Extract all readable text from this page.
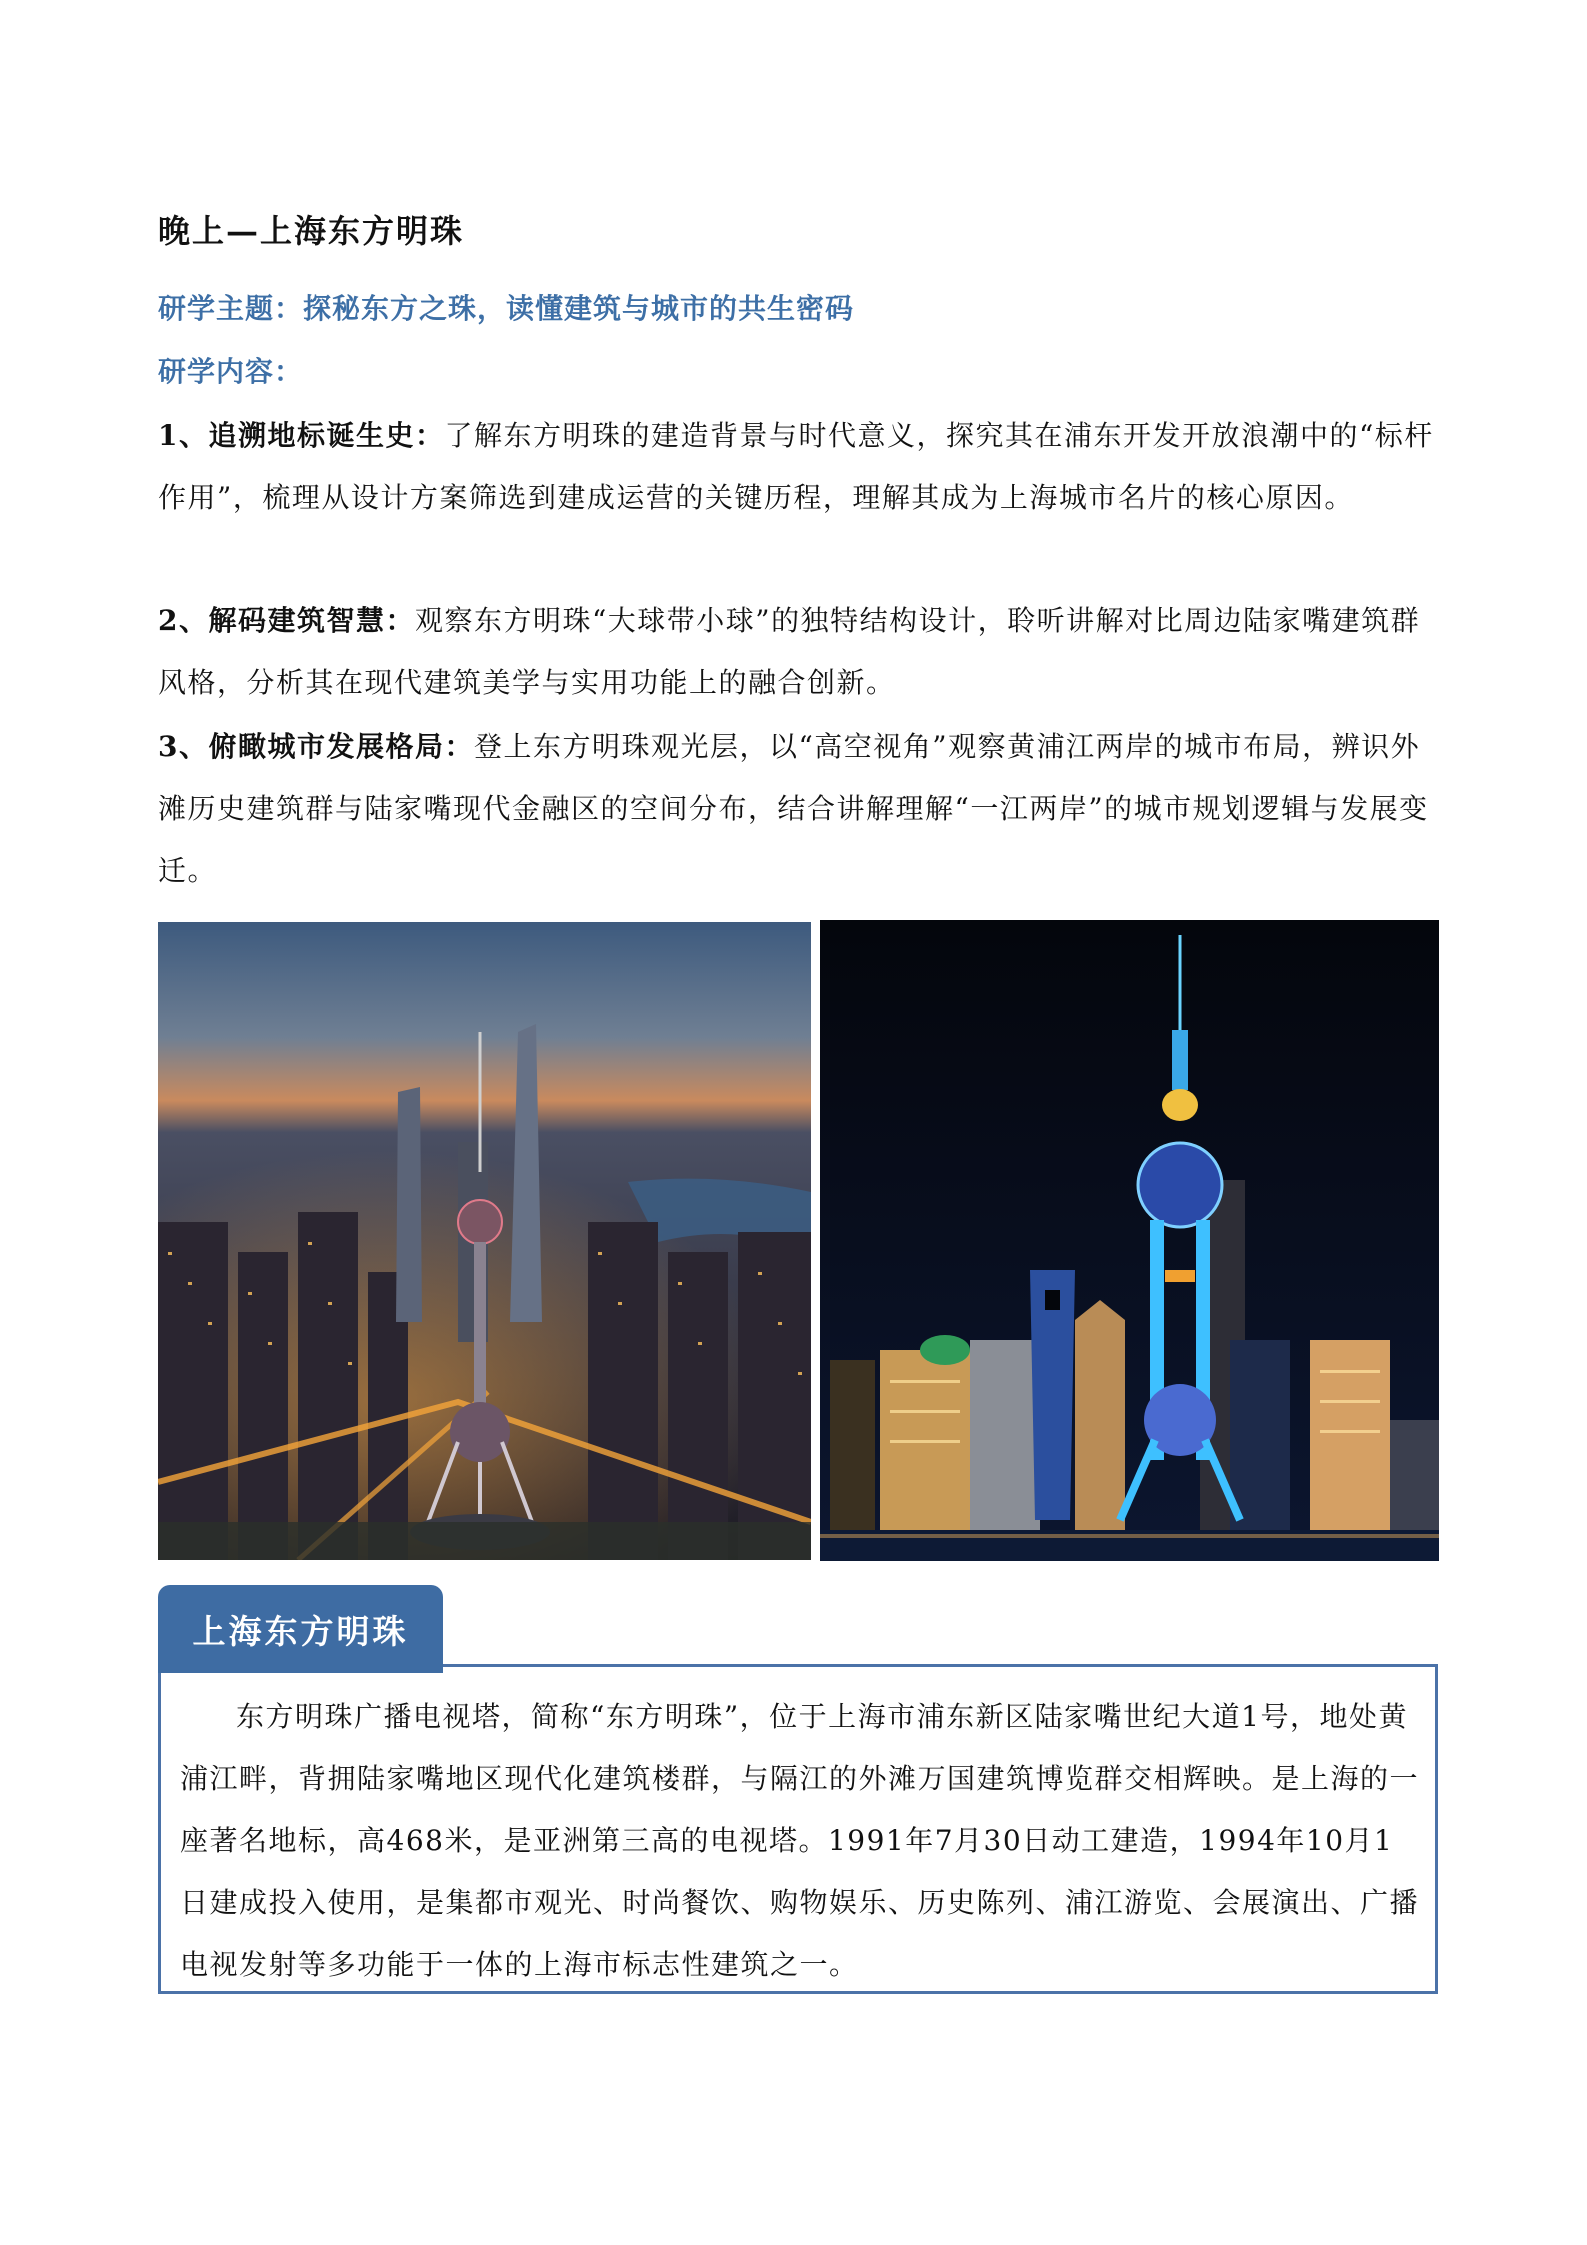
晚上—上海东方明珠
研学主题：探秘东方之珠，读懂建筑与城市的共生密码
研学内容：
1、追溯地标诞生史：了解东方明珠的建造背景与时代意义，探究其在浦东开发开放浪潮中的“标杆作用”，梳理从设计方案筛选到建成运营的关键历程，理解其成为上海城市名片的核心原因。
2、解码建筑智慧：观察东方明珠“大球带小球”的独特结构设计，聆听讲解对比周边陆家嘴建筑群风格，分析其在现代建筑美学与实用功能上的融合创新。
3、俯瞰城市发展格局：登上东方明珠观光层，以“高空视角”观察黄浦江两岸的城市布局，辨识外滩历史建筑群与陆家嘴现代金融区的空间分布，结合讲解理解“一江两岸”的城市规划逻辑与发展变迁。
上海东方明珠
东方明珠广播电视塔，简称“东方明珠”，位于上海市浦东新区陆家嘴世纪大道1号，地处黄浦江畔，背拥陆家嘴地区现代化建筑楼群，与隔江的外滩万国建筑博览群交相辉映。是上海的一座著名地标，高468米，是亚洲第三高的电视塔。1991年7月30日动工建造，1994年10月1日建成投入使用，是集都市观光、时尚餐饮、购物娱乐、历史陈列、浦江游览、会展演出、广播电视发射等多功能于一体的上海市标志性建筑之一。
